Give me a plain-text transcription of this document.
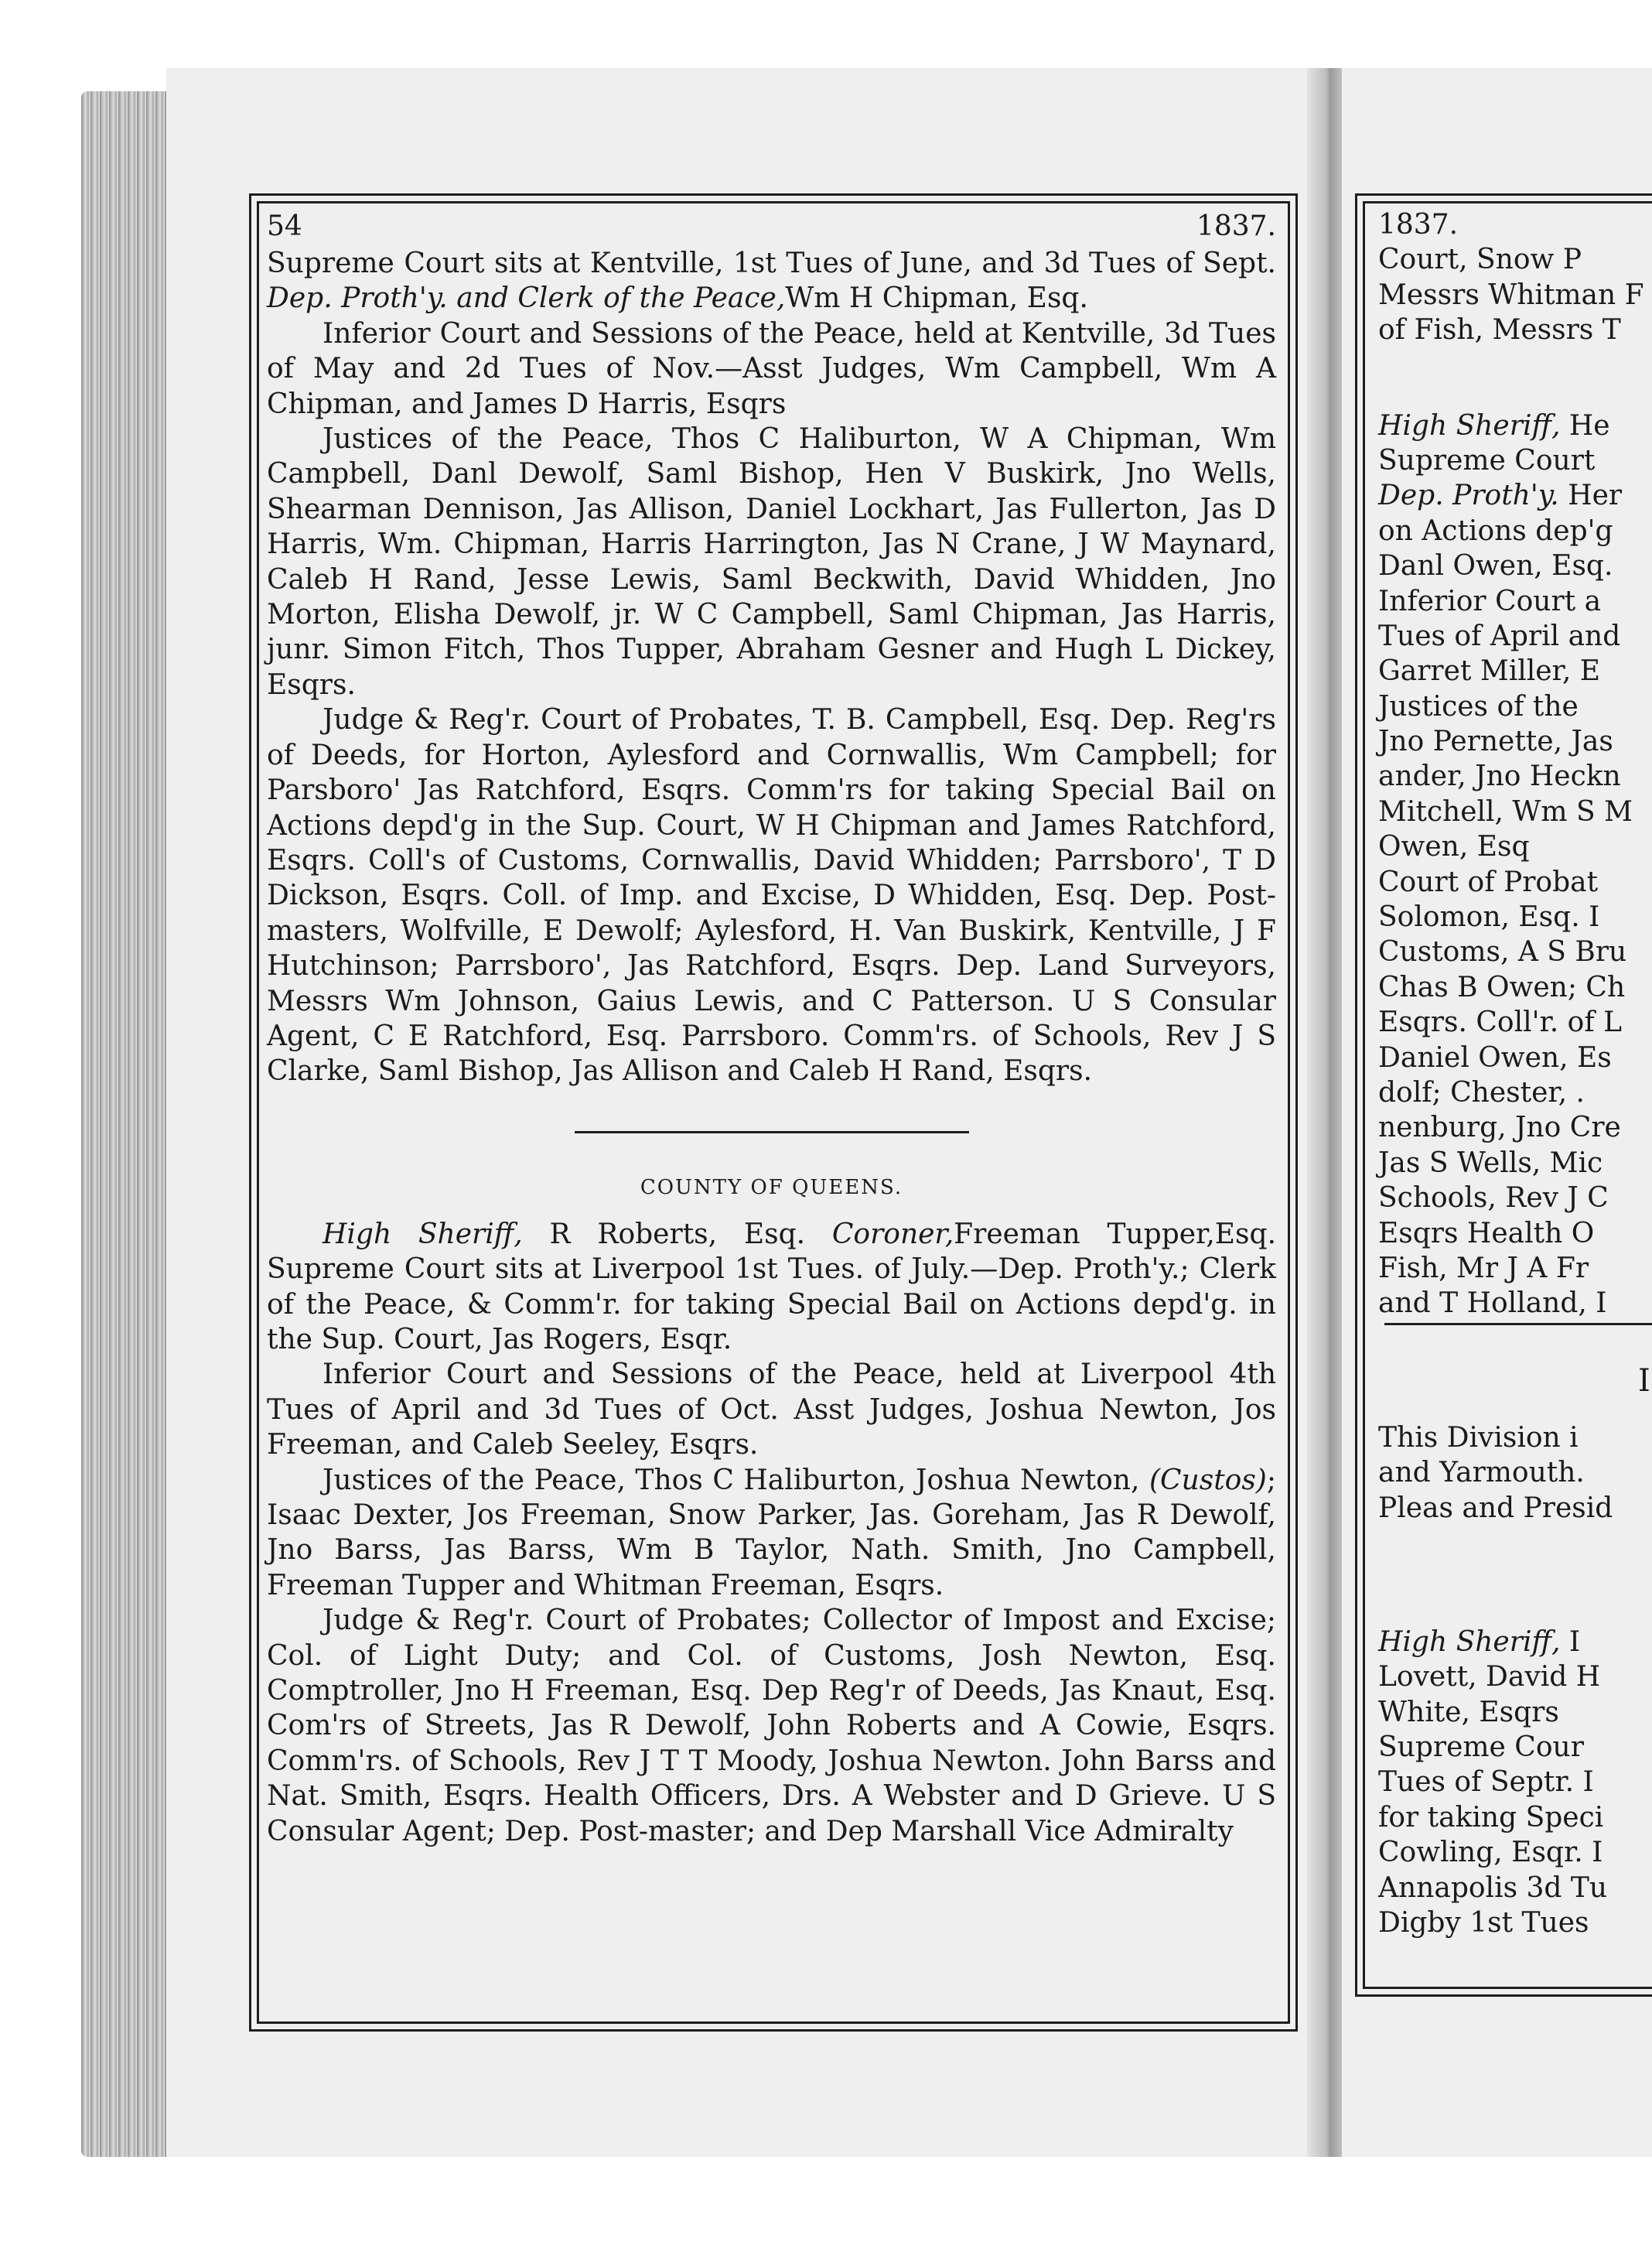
54	1837.

Supreme Court sits at Kentville, 1st Tues of June, and 3d Tues of Sept. Dep. Proth'y. and Clerk of the Peace,Wm H Chipman, Esq.

Inferior Court and Sessions of the Peace, held at Kentville, 3d Tues of May and 2d Tues of Nov.—Asst Judges, Wm Campbell, Wm A Chipman, and James D Harris, Esqrs

Justices of the Peace, Thos C Haliburton, W A Chipman, Wm Campbell, Danl Dewolf, Saml Bishop, Hen V Buskirk, Jno Wells, Shearman Dennison, Jas Allison, Daniel Lockhart, Jas Fullerton, Jas D Harris, Wm. Chipman, Harris Harrington, Jas N Crane, J W Maynard, Caleb H Rand, Jesse Lewis, Saml Beckwith, David Whidden, Jno Morton, Elisha Dewolf, jr. W C Campbell, Saml Chipman, Jas Harris, junr. Simon Fitch, Thos Tupper, Abraham Gesner and Hugh L Dickey, Esqrs.

Judge & Reg'r. Court of Probates, T. B. Campbell, Esq. Dep. Reg'rs of Deeds, for Horton, Aylesford and Cornwallis, Wm Campbell; for Parsboro' Jas Ratchford, Esqrs. Comm'rs for taking Special Bail on Actions depd'g in the Sup. Court, W H Chipman and James Ratchford, Esqrs. Coll's of Customs, Cornwallis, David Whidden; Parrsboro', T D Dickson, Esqrs. Coll. of Imp. and Excise, D Whidden, Esq. Dep. Post-masters, Wolfville, E Dewolf; Aylesford, H. Van Buskirk, Kentville, J F Hutchinson; Parrsboro', Jas Ratchford, Esqrs. Dep. Land Surveyors, Messrs Wm Johnson, Gaius Lewis, and C Patterson. U S Consular Agent, C E Ratchford, Esq. Parrsboro. Comm'rs. of Schools, Rev J S Clarke, Saml Bishop, Jas Allison and Caleb H Rand, Esqrs.

COUNTY OF QUEENS.

High Sheriff, R Roberts, Esq. Coroner,Freeman Tupper,Esq. Supreme Court sits at Liverpool 1st Tues. of July.—Dep. Proth'y.; Clerk of the Peace, & Comm'r. for taking Special Bail on Actions depd'g. in the Sup. Court, Jas Rogers, Esqr.

Inferior Court and Sessions of the Peace, held at Liverpool 4th Tues of April and 3d Tues of Oct. Asst Judges, Joshua Newton, Jos Freeman, and Caleb Seeley, Esqrs.

Justices of the Peace, Thos C Haliburton, Joshua Newton, (Custos); Isaac Dexter, Jos Freeman, Snow Parker, Jas. Goreham, Jas R Dewolf, Jno Barss, Jas Barss, Wm B Taylor, Nath. Smith, Jno Campbell, Freeman Tupper and Whitman Freeman, Esqrs.

Judge & Reg'r. Court of Probates; Collector of Impost and Excise; Col. of Light Duty; and Col. of Customs, Josh Newton, Esq. Comptroller, Jno H Freeman, Esq. Dep Reg'r of Deeds, Jas Knaut, Esq. Com'rs of Streets, Jas R Dewolf, John Roberts and A Cowie, Esqrs. Comm'rs. of Schools, Rev J T T Moody, Joshua Newton. John Barss and Nat. Smith, Esqrs. Health Officers, Drs. A Webster and D Grieve. U S Consular Agent; Dep. Post-master; and Dep Marshall Vice Admiralty

1837.
Court, Snow P
Messrs Whitman F
of Fish, Messrs T
High Sheriff, He
Supreme Court
Dep. Proth'y. Her
on Actions dep'g
Danl Owen, Esq.
Inferior Court a
Tues of April and
Garret Miller, E
Justices of the
Jno Pernette, Jas
ander, Jno Heckn
Mitchell, Wm S M
Owen, Esq
Court of Probat
Solomon, Esq. I
Customs, A S Bru
Chas B Owen; Ch
Esqrs. Coll'r. of L
Daniel Owen, Es
dolf; Chester, .
nenburg, Jno Cre
Jas S Wells, Mic
Schools, Rev J C
Esqrs Health O
Fish, Mr J A Fr
and T Holland, I
This Division i
and Yarmouth.
Pleas and Presid
High Sheriff, I
Lovett, David H
White, Esqrs
Supreme Cour
Tues of Septr. I
for taking Speci
Cowling, Esqr. I
Annapolis 3d Tu
Digby 1st Tues
I
